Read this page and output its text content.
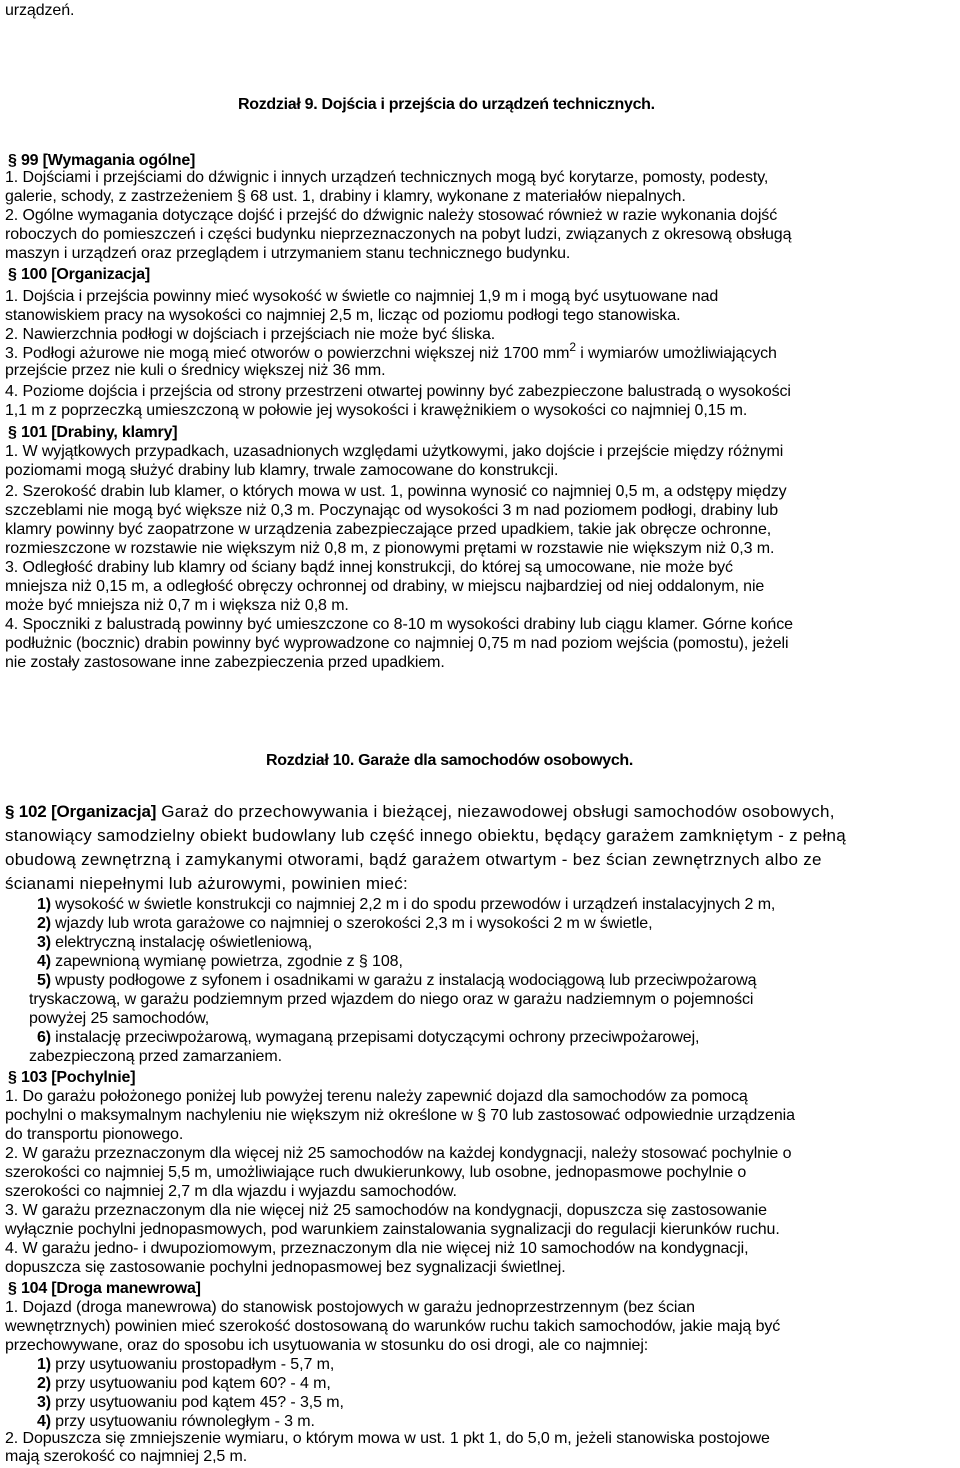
urządzeń.
Rozdział 9. Dojścia i przejścia do urządzeń technicznych.
§ 99 [Wymagania ogólne]
1. Dojściami i przejściami do dźwignic i innych urządzeń technicznych mogą być korytarze, pomosty, podesty,
galerie, schody, z zastrzeżeniem § 68 ust. 1, drabiny i klamry, wykonane z materiałów niepalnych.
2. Ogólne wymagania dotyczące dojść i przejść do dźwignic należy stosować również w razie wykonania dojść
roboczych do pomieszczeń i części budynku nieprzeznaczonych na pobyt ludzi, związanych z okresową obsługą
maszyn i urządzeń oraz przeglądem i utrzymaniem stanu technicznego budynku.
§ 100 [Organizacja]
1. Dojścia i przejścia powinny mieć wysokość w świetle co najmniej 1,9 m i mogą być usytuowane nad
stanowiskiem pracy na wysokości co najmniej 2,5 m, licząc od poziomu podłogi tego stanowiska.
2. Nawierzchnia podłogi w dojściach i przejściach nie może być śliska.
3. Podłogi ażurowe nie mogą mieć otworów o powierzchni większej niż 1700 $mm^2$ i wymiarów umożliwiających
przejście przez nie kuli o średnicy większej niż 36 mm.
4. Poziome dojścia i przejścia od strony przestrzeni otwartej powinny być zabezpieczone balustradą o wysokości
1,1 m z poprzeczką umieszczoną w połowie jej wysokości i krawężnikiem o wysokości co najmniej 0,15 m.
§ 101 [Drabiny, klamry]
1. W wyjątkowych przypadkach, uzasadnionych względami użytkowymi, jako dojście i przejście między różnymi
poziomami mogą służyć drabiny lub klamry, trwale zamocowane do konstrukcji.
2. Szerokość drabin lub klamer, o których mowa w ust. 1, powinna wynosić co najmniej 0,5 m, a odstępy między
szczeblami nie mogą być większe niż 0,3 m. Poczynając od wysokości 3 m nad poziomem podłogi, drabiny lub
klamry powinny być zaopatrzone w urządzenia zabezpieczające przed upadkiem, takie jak obręcze ochronne,
rozmieszczone w rozstawie nie większym niż 0,8 m, z pionowymi prętami w rozstawie nie większym niż 0,3 m.
3. Odległość drabiny lub klamry od ściany bądź innej konstrukcji, do której są umocowane, nie może być
mniejsza niż 0,15 m, a odległość obręczy ochronnej od drabiny, w miejscu najbardziej od niej oddalonym, nie
może być mniejsza niż 0,7 m i większa niż 0,8 m.
4. Spoczniki z balustradą powinny być umieszczone co 8-10 m wysokości drabiny lub ciągu klamer. Górne końce
podłużnic (bocznic) drabin powinny być wyprowadzone co najmniej 0,75 m nad poziom wejścia (pomostu), jeżeli
nie zostały zastosowane inne zabezpieczenia przed upadkiem.
Rozdział 10. Garaże dla samochodów osobowych.
§ 102 [Organizacja] Garaż do przechowywania i bieżącej, niezawodowej obsługi samochodów osobowych,
stanowiący samodzielny obiekt budowlany lub część innego obiektu, będący garażem zamkniętym - z pełną
obudową zewnętrzną i zamykanymi otworami, bądź garażem otwartym - bez ścian zewnętrznych albo ze
ścianami niepełnymi lub ażurowymi, powinien mieć:
1) wysokość w świetle konstrukcji co najmniej 2,2 m i do spodu przewodów i urządzeń instalacyjnych 2 m,
2) wjazdy lub wrota garażowe co najmniej o szerokości 2,3 m i wysokości 2 m w świetle,
3) elektryczną instalację oświetleniową,
4) zapewnioną wymianę powietrza, zgodnie z § 108,
5) wpusty podłogowe z syfonem i osadnikami w garażu z instalacją wodociągową lub przeciwpożarową
tryskaczową, w garażu podziemnym przed wjazdem do niego oraz w garażu nadziemnym o pojemności
powyżej 25 samochodów,
6) instalację przeciwpożarową, wymaganą przepisami dotyczącymi ochrony przeciwpożarowej,
zabezpieczoną przed zamarzaniem.
§ 103 [Pochylnie]
1. Do garażu położonego poniżej lub powyżej terenu należy zapewnić dojazd dla samochodów za pomocą
pochylni o maksymalnym nachyleniu nie większym niż określone w § 70 lub zastosować odpowiednie urządzenia
do transportu pionowego.
2. W garażu przeznaczonym dla więcej niż 25 samochodów na każdej kondygnacji, należy stosować pochylnie o
szerokości co najmniej 5,5 m, umożliwiające ruch dwukierunkowy, lub osobne, jednopasmowe pochylnie o
szerokości co najmniej 2,7 m dla wjazdu i wyjazdu samochodów.
3. W garażu przeznaczonym dla nie więcej niż 25 samochodów na kondygnacji, dopuszcza się zastosowanie
wyłącznie pochylni jednopasmowych, pod warunkiem zainstalowania sygnalizacji do regulacji kierunków ruchu.
4. W garażu jedno- i dwupoziomowym, przeznaczonym dla nie więcej niż 10 samochodów na kondygnacji,
dopuszcza się zastosowanie pochylni jednopasmowej bez sygnalizacji świetlnej.
§ 104 [Droga manewrowa]
1. Dojazd (droga manewrowa) do stanowisk postojowych w garażu jednoprzestrzennym (bez ścian
wewnętrznych) powinien mieć szerokość dostosowaną do warunków ruchu takich samochodów, jakie mają być
przechowywane, oraz do sposobu ich usytuowania w stosunku do osi drogi, ale co najmniej:
1) przy usytuowaniu prostopadłym - 5,7 m,
2) przy usytuowaniu pod kątem 60? - 4 m,
3) przy usytuowaniu pod kątem 45? - 3,5 m,
4) przy usytuowaniu równoległym - 3 m.
2. Dopuszcza się zmniejszenie wymiaru, o którym mowa w ust. 1 pkt 1, do 5,0 m, jeżeli stanowiska postojowe
mają szerokość co najmniej 2,5 m.
